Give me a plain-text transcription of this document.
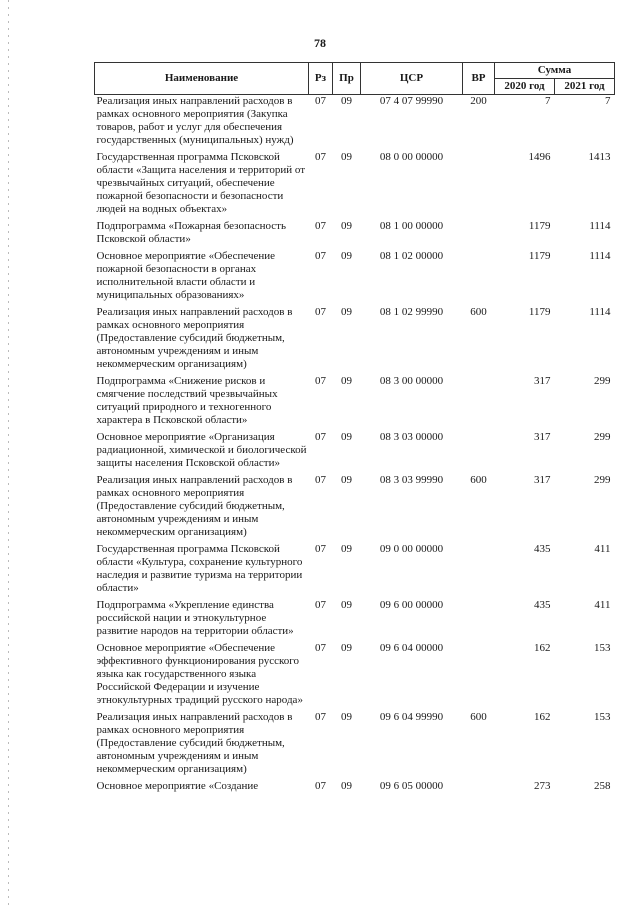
78
Наименование	Рз	Пр	ЦСР	ВР	Сумма	
					2020 год	2021 год
Реализация иных направлений расходов в рамках основного мероприятия (Закупка товаров, работ и услуг для обеспечения государственных (муниципальных) нужд)	07	09	07 4 07 99990	200	7	7
Государственная программа Псковской области «Защита населения и территорий от чрезвычайных ситуаций, обеспечение пожарной безопасности и безопасности людей на водных объектах»	07	09	08 0 00 00000		1496	1413
Подпрограмма «Пожарная безопасность Псковской области»	07	09	08 1 00 00000		1179	1114
Основное мероприятие «Обеспечение пожарной безопасности в органах исполнительной власти области и муниципальных образованиях»	07	09	08 1 02 00000		1179	1114
Реализация иных направлений расходов в рамках основного мероприятия (Предоставление субсидий бюджетным, автономным учреждениям и иным некоммерческим организациям)	07	09	08 1 02 99990	600	1179	1114
Подпрограмма «Снижение рисков и смягчение последствий чрезвычайных ситуаций природного и техногенного характера в Псковской области»	07	09	08 3 00 00000		317	299
Основное мероприятие «Организация радиационной, химической и биологической защиты населения Псковской области»	07	09	08 3 03 00000		317	299
Реализация иных направлений расходов в рамках основного мероприятия (Предоставление субсидий бюджетным, автономным учреждениям и иным некоммерческим организациям)	07	09	08 3 03 99990	600	317	299
Государственная программа Псковской области «Культура, сохранение культурного наследия и развитие туризма на территории области»	07	09	09 0 00 00000		435	411
Подпрограмма «Укрепление единства российской нации и этнокультурное развитие народов на территории области»	07	09	09 6 00 00000		435	411
Основное мероприятие «Обеспечение эффективного функционирования русского языка как государственного языка Российской Федерации и изучение этнокультурных традиций русского народа»	07	09	09 6 04 00000		162	153
Реализация иных направлений расходов в рамках основного мероприятия (Предоставление субсидий бюджетным, автономным учреждениям и иным некоммерческим организациям)	07	09	09 6 04 99990	600	162	153
Основное мероприятие «Создание	07	09	09 6 05 00000		273	258
